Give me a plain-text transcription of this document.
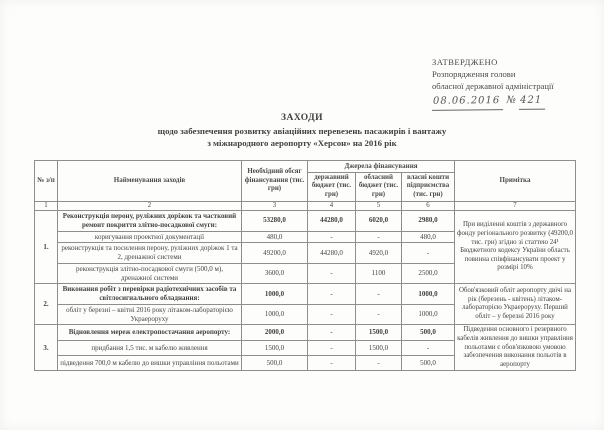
ЗАТВЕРДЖЕНО
Розпорядження голови
обласної державної адміністрації
08.06.2016 № 421
ЗАХОДИ
щодо забезпечення розвитку авіаційних перевезень пасажирів і вантажу
з міжнародного аеропорту «Херсон» на 2016 рік
№ з/п	Найменування заходів	Необхідний обсяг фінансування (тис. грн)	Джерела фінансування			Примітка
			державний бюджет (тис. грн)	обласний бюджет (тис. грн)	власні кошти підприємства (тис. грн)	
1	2	3	4	5	6	7
1.	Реконструкція перону, руліжних доріжок та частковий ремонт покриття злітно-посадкової смуги:	53280,0	44280,0	6020,0	2980,0	При виділенні коштів з державного фонду регіонального розвитку (49200,0 тис. грн) згідно зі статтею 24¹ Бюджетного кодексу України область повинна співфінансувати проект у розмірі 10%
	коригування проектної документації	480,0	-	-	480,0	
	реконструкція та посилення перону, руліжних доріжок 1 та 2, дренажної системи	49200,0	44280,0	4920,0	-	
	реконструкція злітно-посадкової смуги (500,0 м), дренажної системи	3600,0	-	1100	2500,0	
2.	Виконання робіт з перевірки радіотехнічних засобів та світлосигнального обладнання:	1000,0	-	-	1000,0	Обов'язковий обліт аеропорту двічі на рік (березень - квітень) літаком-лабораторією Украероруху. Перший обліт – у березні 2016 року
	обліт у березні – квітні 2016 року літаком-лабораторією Украероруху	1000,0	-	-	1000,0	
3.	Відновлення мереж електропостачання аеропорту:	2000,0	-	1500,0	500,0	Підведення основного і резервного кабелів живлення до вишки управління польотами є обов'язковою умовою забезпечення виконання польотів в аеропорту
	придбання 1,5 тис. м кабелю живлення	1500,0	-	1500,0	-	
	підведення 700,0 м кабелю до вишки управління польотами	500,0	-	-	500,0	
